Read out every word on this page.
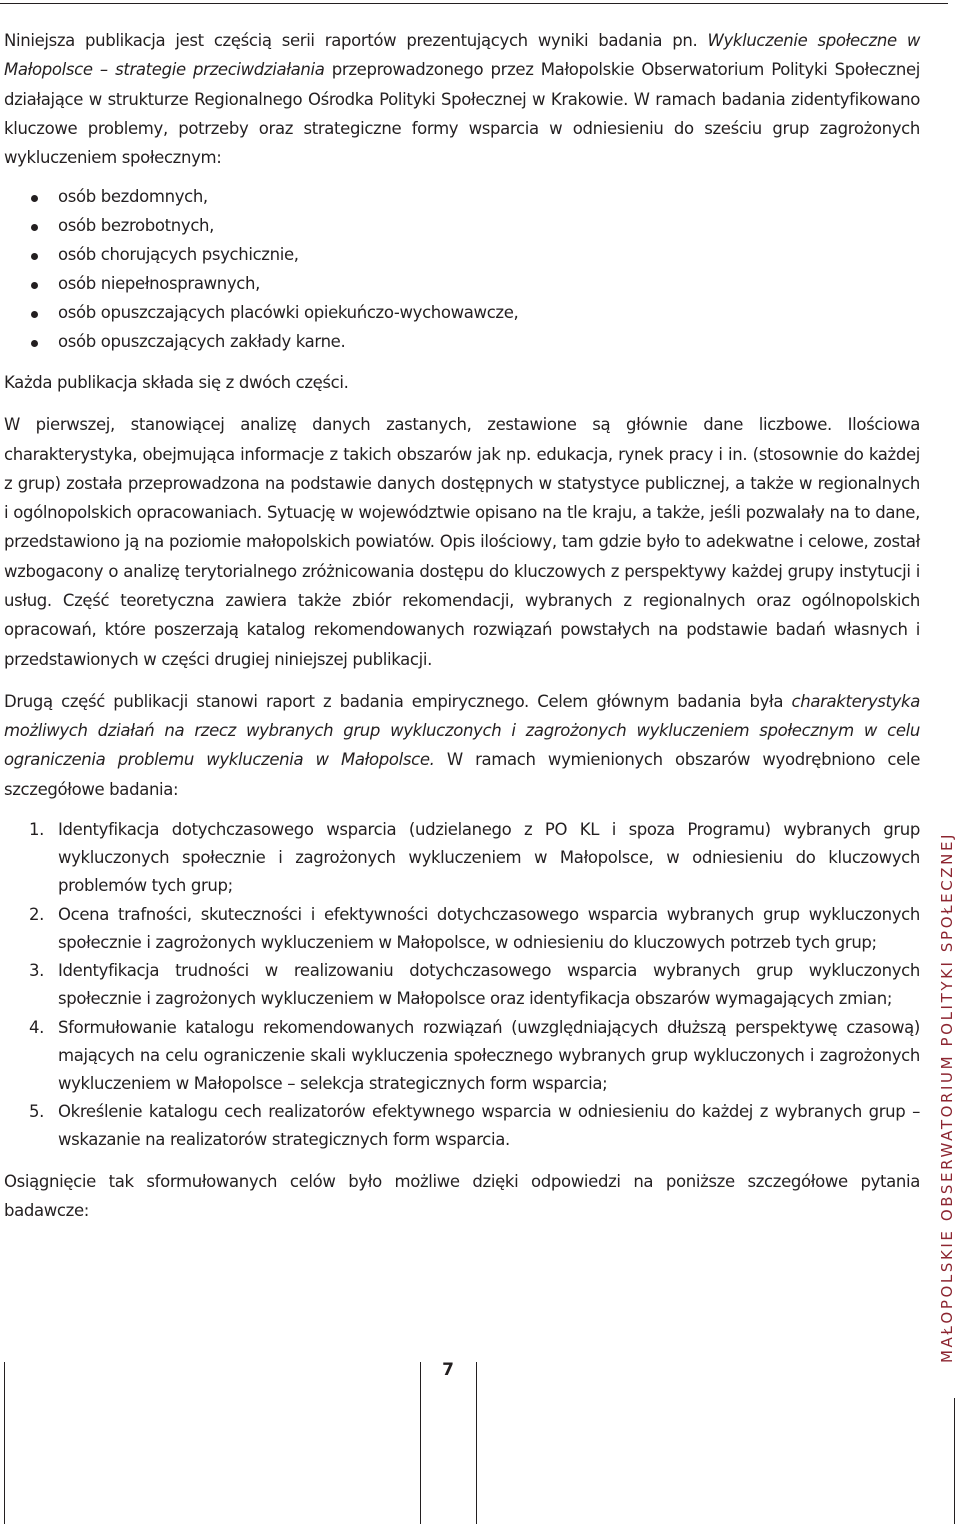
Niniejsza publikacja jest częścią serii raportów prezentujących wyniki badania pn. Wykluczenie społeczne w Małopolsce – strategie przeciwdziałania przeprowadzonego przez Małopolskie Obserwatorium Polityki Społecznej działające w strukturze Regionalnego Ośrodka Polityki Społecznej w Krakowie. W ramach badania zidentyfikowano kluczowe problemy, potrzeby oraz strategiczne formy wsparcia w odniesieniu do sześciu grup zagrożonych wykluczeniem społecznym:

osób bezdomnych,
osób bezrobotnych,
osób chorujących psychicznie,
osób niepełnosprawnych,
osób opuszczających placówki opiekuńczo-wychowawcze,
osób opuszczających zakłady karne.

Każda publikacja składa się z dwóch części.

W pierwszej, stanowiącej analizę danych zastanych, zestawione są głównie dane liczbowe. Ilościowa charakterystyka, obejmująca informacje z takich obszarów jak np. edukacja, rynek pracy i in. (stosownie do każdej z grup) została przeprowadzona na podstawie danych dostępnych w statystyce publicznej, a także w regionalnych i ogólnopolskich opracowaniach. Sytuację w województwie opisano na tle kraju, a także, jeśli pozwalały na to dane, przedstawiono ją na poziomie małopolskich powiatów. Opis ilościowy, tam gdzie było to adekwatne i celowe, został wzbogacony o analizę terytorialnego zróżnicowania dostępu do kluczowych z perspektywy każdej grupy instytucji i usług. Część teoretyczna zawiera także zbiór rekomendacji, wybranych z regionalnych oraz ogólnopolskich opracowań, które poszerzają katalog rekomendowanych rozwiązań powstałych na podstawie badań własnych i przedstawionych w części drugiej niniejszej publikacji.

Drugą część publikacji stanowi raport z badania empirycznego. Celem głównym badania była charakterystyka możliwych działań na rzecz wybranych grup wykluczonych i zagrożonych wykluczeniem społecznym w celu ograniczenia problemu wykluczenia w Małopolsce. W ramach wymienionych obszarów wyodrębniono cele szczegółowe badania:

1. Identyfikacja dotychczasowego wsparcia (udzielanego z PO KL i spoza Programu) wybranych grup wykluczonych społecznie i zagrożonych wykluczeniem w Małopolsce, w odniesieniu do kluczowych problemów tych grup;
2. Ocena trafności, skuteczności i efektywności dotychczasowego wsparcia wybranych grup wykluczonych społecznie i zagrożonych wykluczeniem w Małopolsce, w odniesieniu do kluczowych potrzeb tych grup;
3. Identyfikacja trudności w realizowaniu dotychczasowego wsparcia wybranych grup wykluczonych społecznie i zagrożonych wykluczeniem w Małopolsce oraz identyfikacja obszarów wymagających zmian;
4. Sformułowanie katalogu rekomendowanych rozwiązań (uwzględniających dłuższą perspektywę czasową) mających na celu ograniczenie skali wykluczenia społecznego wybranych grup wykluczonych i zagrożonych wykluczeniem w Małopolsce – selekcja strategicznych form wsparcia;
5. Określenie katalogu cech realizatorów efektywnego wsparcia w odniesieniu do każdej z wybranych grup – wskazanie na realizatorów strategicznych form wsparcia.

Osiągnięcie tak sformułowanych celów było możliwe dzięki odpowiedzi na poniższe szczegółowe pytania badawcze:

7
MAŁOPOLSKIE OBSERWATORIUM POLITYKI SPOŁECZNEJ
